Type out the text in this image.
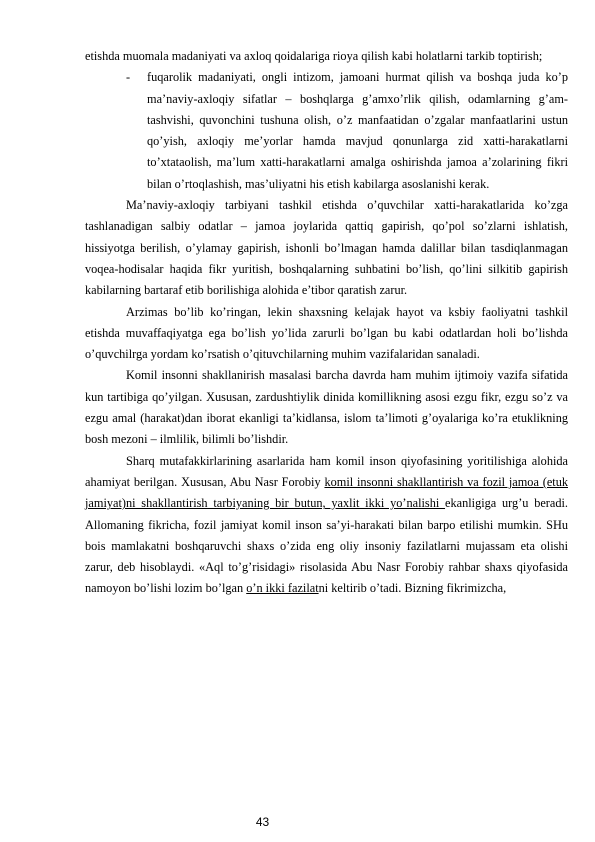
etishda muomala madaniyati va axloq qoidalariga rioya qilish kabi holatlarni tarkib toptirish;

- fuqarolik madaniyati, ongli intizom, jamoani hurmat qilish va boshqa juda ko’p ma’naviy-axloqiy sifatlar – boshqlarga g’amxo’rlik qilish, odamlarning g’am-tashvishi, quvonchini tushuna olish, o’z manfaatidan o’zgalar manfaatlarini ustun qo’yish, axloqiy me’yorlar hamda mavjud qonunlarga zid xatti-harakatlarni to’xtataolish, ma’lum xatti-harakatlarni amalga oshirishda jamoa a’zolarining fikri bilan o’rtoqlashish, mas’uliyatni his etish kabilarga asoslanishi kerak.

Ma’naviy-axloqiy tarbiyani tashkil etishda o’quvchilar xatti-harakatlarida ko’zga tashlanadigan salbiy odatlar – jamoa joylarida qattiq gapirish, qo’pol so’zlarni ishlatish, hissiyotga berilish, o’ylamay gapirish, ishonli bo’lmagan hamda dalillar bilan tasdiqlanmagan voqea-hodisalar haqida fikr yuritish, boshqalarning suhbatini bo’lish, qo’lini silkitib gapirish kabilarning bartaraf etib borilishiga alohida e’tibor qaratish zarur.

Arzimas bo’lib ko’ringan, lekin shaxsning kelajak hayot va ksbiy faoliyatni tashkil etishda muvaffaqiyatga ega bo’lish yo’lida zarurli bo’lgan bu kabi odatlardan holi bo’lishda o’quvchilrga yordam ko’rsatish o’qituvchilarning muhim vazifalaridan sanaladi.

Komil insonni shakllanirish masalasi barcha davrda ham muhim ijtimoiy vazifa sifatida kun tartibiga qo’yilgan. Xususan, zardushtiylik dinida komillikning asosi ezgu fikr, ezgu so’z va ezgu amal (harakat)dan iborat ekanligi ta’kidlansa, islom ta’limoti g’oyalariga ko’ra etuklikning bosh mezoni – ilmlilik, bilimli bo’lishdir.

Sharq mutafakkirlarining asarlarida ham komil inson qiyofasining yoritilishiga alohida ahamiyat berilgan. Xususan, Abu Nasr Forobiy komil insonni shakllantirish va fozil jamoa (etuk jamiyat)ni shakllantirish tarbiyaning bir butun, yaxlit ikki yo’nalishi ekanligiga urg’u beradi. Allomaning fikricha, fozil jamiyat komil inson sa’yi-harakati bilan barpo etilishi mumkin. SHu bois mamlakatni boshqaruvchi shaxs o’zida eng oliy insoniy fazilatlarni mujassam eta olishi zarur, deb hisoblaydi. «Aql to’g’risidagi» risolasida Abu Nasr Forobiy rahbar shaxs qiyofasida namoyon bo’lishi lozim bo’lgan o’n ikki fazilatni keltirib o’tadi. Bizning fikrimizcha,

43
